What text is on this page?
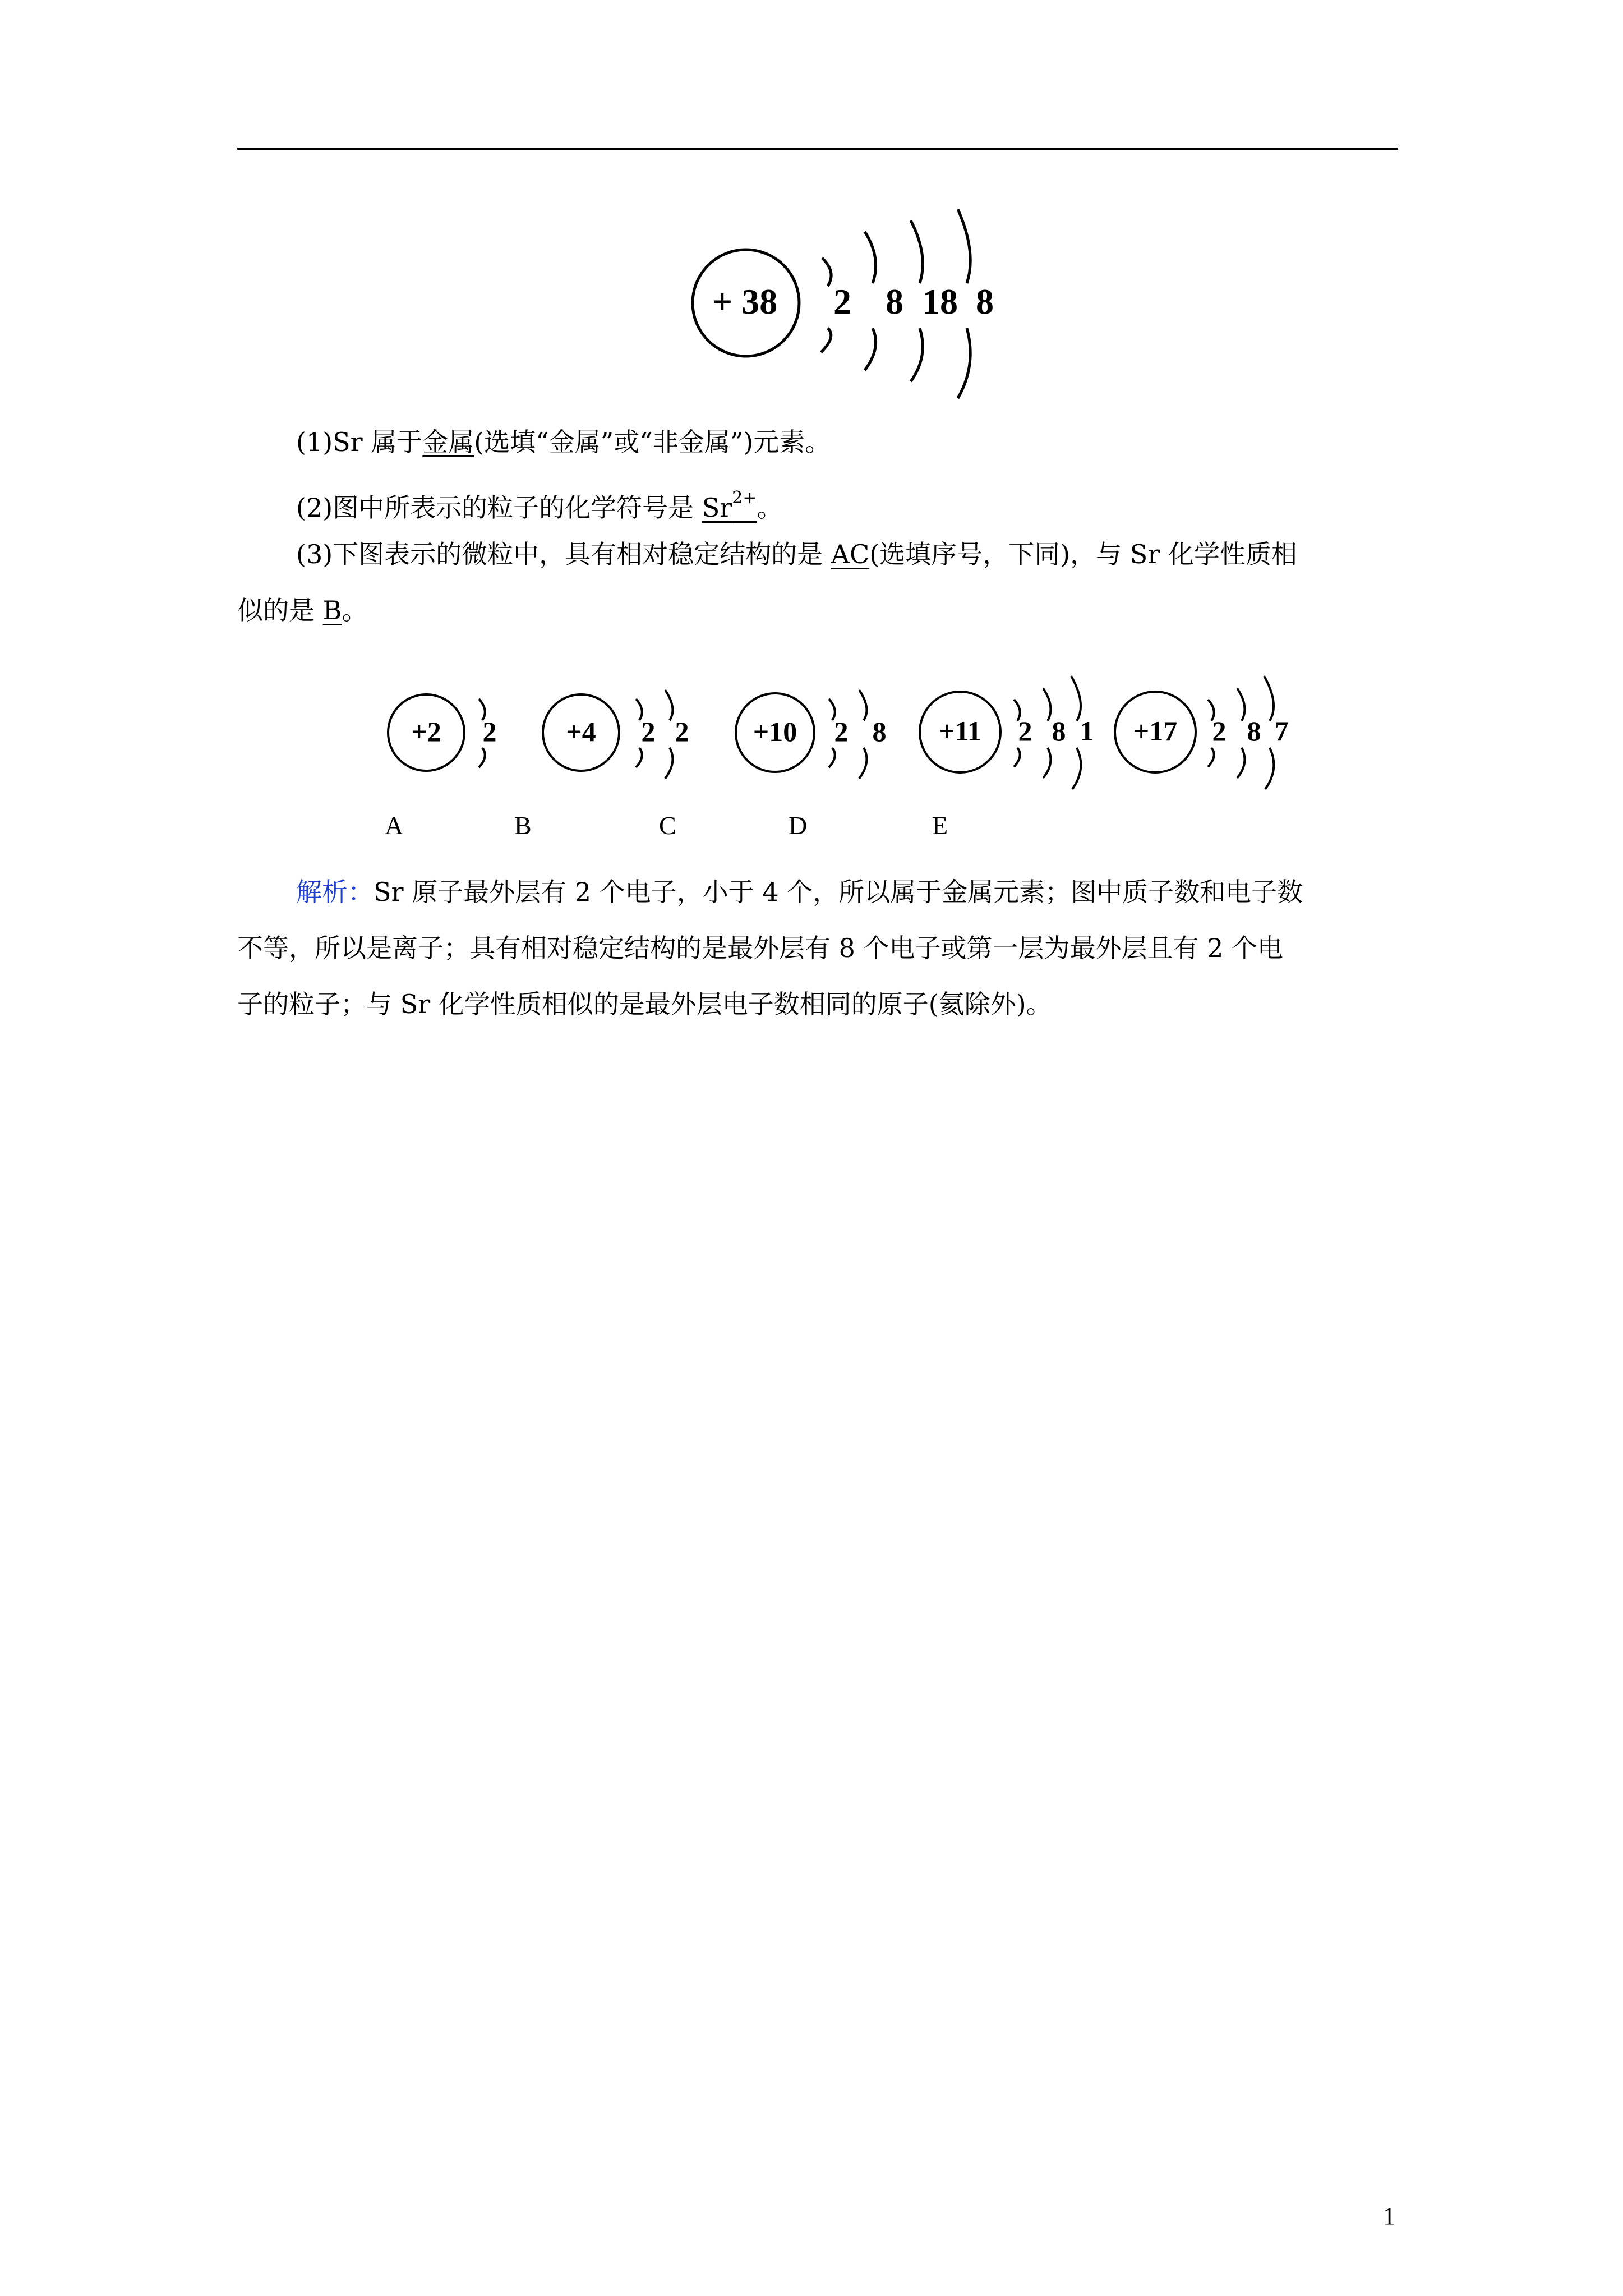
+ 38 2 8 18 8

(1)Sr 属于金属(选填“金属”或“非金属”)元素。

(2)图中所表示的粒子的化学符号是 $Sr^{2+}$。

(3)下图表示的微粒中，具有相对稳定结构的是 AC(选填序号，下同)，与 Sr 化学性质相

似的是 B。

+2 2 +4 2 2 +10 2 8 +11 2 8 1 +17 2 8 7
A	B	C	D	E

解析：Sr 原子最外层有 2 个电子，小于 4 个，所以属于金属元素；图中质子数和电子数

不等，所以是离子；具有相对稳定结构的是最外层有 8 个电子或第一层为最外层且有 2 个电

子的粒子；与 Sr 化学性质相似的是最外层电子数相同的原子(氦除外)。

1
